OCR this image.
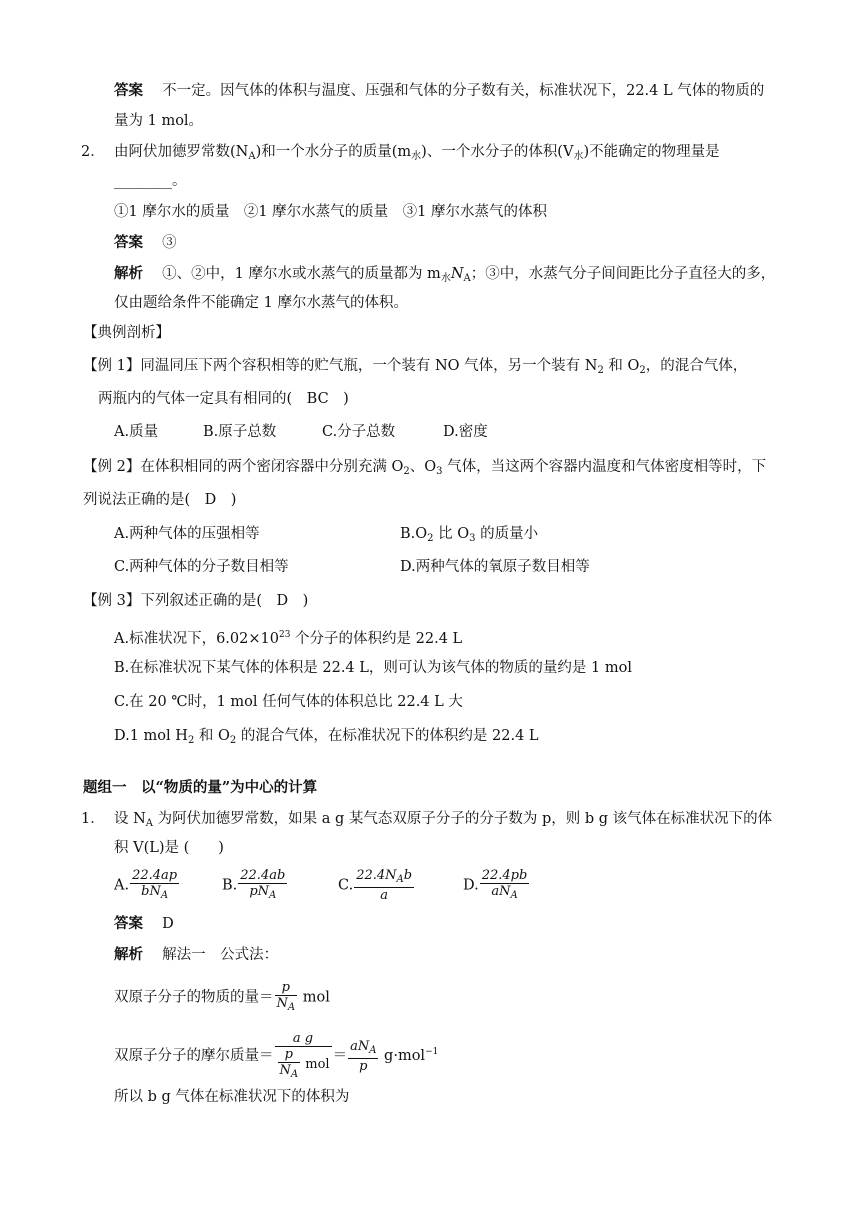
答案　 不一定。因气体的体积与温度、压强和气体的分子数有关，标准状况下，22.4 L 气体的物质的
量为 1 mol。
2． 由阿伏加德罗常数$(N_A)$和一个水分子的质量$(m_水)$、一个水分子的体积$(V_水)$不能确定的物理量是
________。
①1 摩尔水的质量　②1 摩尔水蒸气的质量　③1 摩尔水蒸气的体积
答案　 ③
解析　 ①、②中，1 摩尔水或水蒸气的质量都为 $m_水N_A$；③中，水蒸气分子间间距比分子直径大的多，
仅由题给条件不能确定 1 摩尔水蒸气的体积。
【典例剖析】
【例 1】同温同压下两个容积相等的贮气瓶，一个装有 NO 气体，另一个装有 $N_2$ 和 $O_2$，的混合气体，
两瓶内的气体一定具有相同的(　BC　)
A.质量	B.原子总数	C.分子总数	D.密度
【例 2】在体积相同的两个密闭容器中分别充满 $O_2$、$O_3$ 气体，当这两个容器内温度和气体密度相等时，下
列说法正确的是(　D　)
A.两种气体的压强相等	$B.O_2$ 比 $O_3$ 的质量小
C.两种气体的分子数目相等	D.两种气体的氧原子数目相等
【例 3】下列叙述正确的是(　D　)
A.标准状况下，$6.02\times 10^{23}$ 个分子的体积约是 22.4 L
B.在标准状况下某气体的体积是 22.4 L，则可认为该气体的物质的量约是 1 mol
C.在 20 ℃时，1 mol 任何气体的体积总比 22.4 L 大
D.1 mol $H_2$ 和 $O_2$ 的混合气体，在标准状况下的体积约是 22.4 L
题组一　以“物质的量”为中心的计算
1． 设 $N_A$ 为阿伏加德罗常数，如果 a g 某气态双原子分子的分子数为 p，则 b g 该气体在标准状况下的体
积 V(L)是 (　　)
A. $\frac{22.4ap}{bN_A}$	B. $\frac{22.4ab}{pN_A}$	C. $\frac{22.4N_Ab}{a}$	D. $\frac{22.4pb}{aN_A}$
答案　 D
解析　 解法一　公式法：
双原子分子的物质的量＝ $\frac{p}{N_A}$ mol
双原子分子的摩尔质量＝ $\frac{\text{a g}}{\frac{p}{N_A} mol} = \frac{aN_A}{p} g\cdot mol^{-1}$
所以 b g 气体在标准状况下的体积为
